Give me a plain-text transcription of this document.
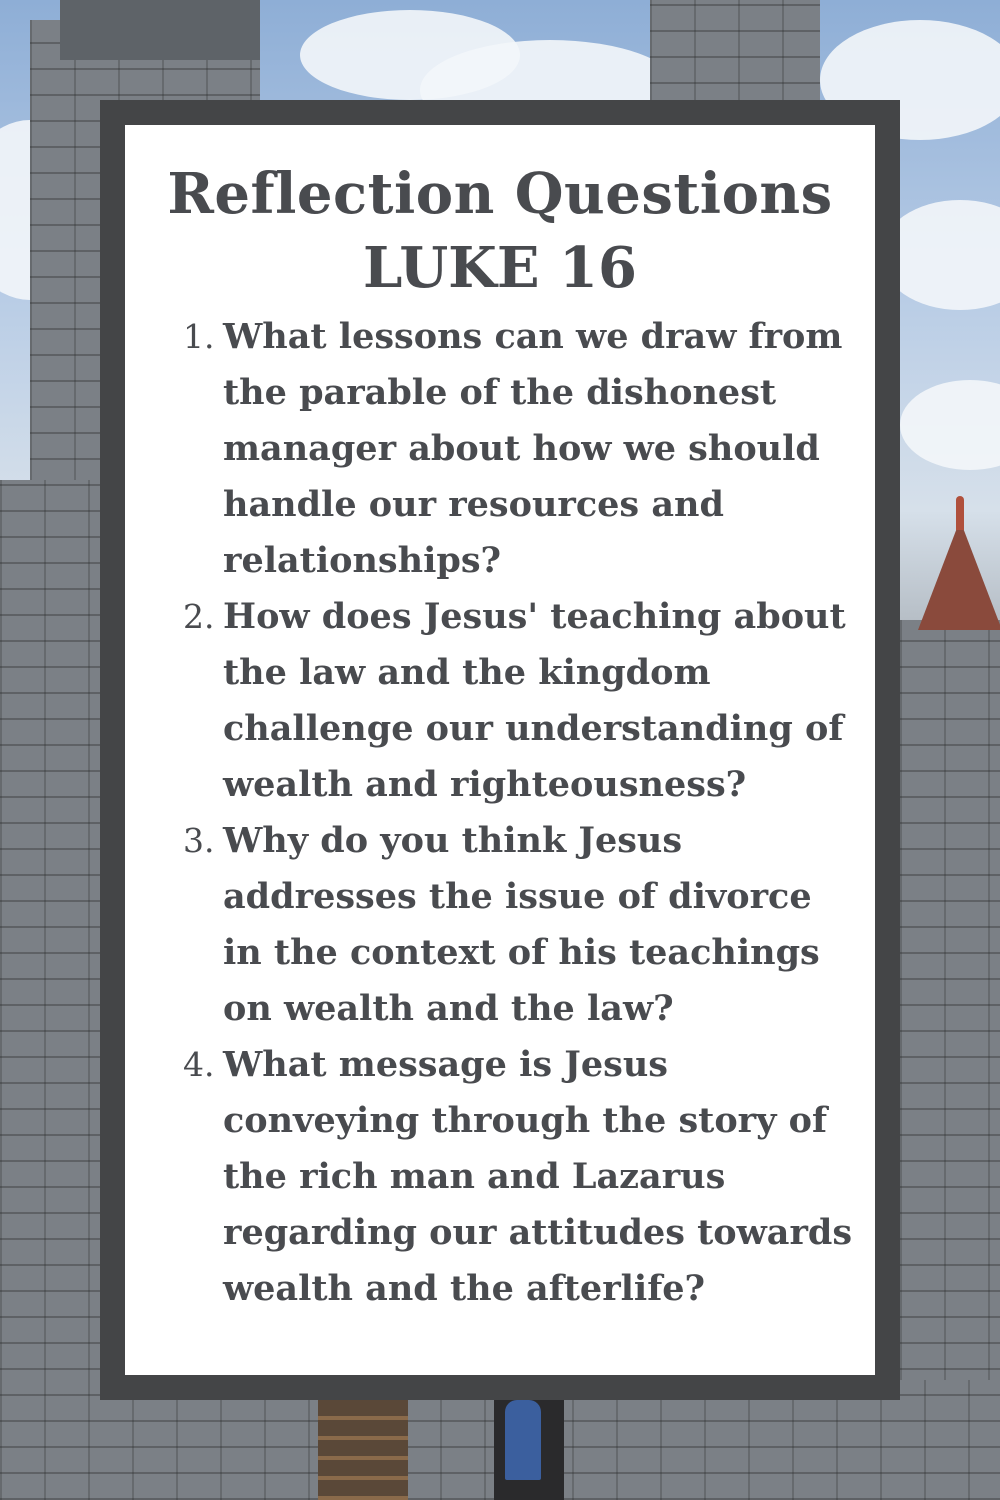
Reflection Questions
LUKE 16
1. What lessons can we draw from the parable of the dishonest manager about how we should handle our resources and relationships?
2. How does Jesus' teaching about the law and the kingdom challenge our understanding of wealth and righteousness?
3. Why do you think Jesus addresses the issue of divorce in the context of his teachings on wealth and the law?
4. What message is Jesus conveying through the story of the rich man and Lazarus regarding our attitudes towards wealth and the afterlife?
